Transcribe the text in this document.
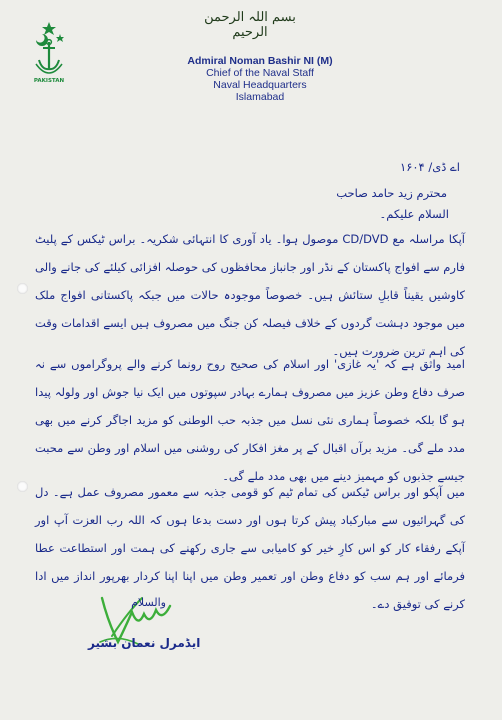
بسم اللہ الرحمن الرحیم
PAKISTAN
Admiral Noman Bashir NI (M)
Chief of the Naval Staff
Naval Headquarters
Islamabad
اے ڈی/ ۱۶۰۴
محترم زید حامد صاحب
السلام علیکم۔
آپکا مراسلہ مع CD/DVD موصول ہوا۔ یاد آوری کا انتہائی شکریہ۔ براس ٹیکس کے پلیٹ فارم سے افواج پاکستان کے نڈر اور جانباز محافظوں کی حوصلہ افزائی کیلئے کی جانے والی کاوشیں یقیناً قابلِ ستائش ہیں۔ خصوصاً موجودہ حالات میں جبکہ پاکستانی افواج ملک میں موجود دہشت گردوں کے خلاف فیصلہ کن جنگ میں مصروف ہیں ایسے اقدامات وقت کی اہم ترین ضرورت ہیں۔
امید واثق ہے کہ 'یہ غازی' اور اسلام کی صحیح روح رونما کرنے والے پروگراموں سے نہ صرف دفاع وطن عزیز میں مصروف ہمارے بہادر سپوتوں میں ایک نیا جوش اور ولولہ پیدا ہو گا بلکہ خصوصاً ہماری نئی نسل میں جذبہ حب الوطنی کو مزید اجاگر کرنے میں بھی مدد ملے گی۔ مزید برآں اقبال کے پر مغز افکار کی روشنی میں اسلام اور وطن سے محبت جیسے جذبوں کو مہمیز دینے میں بھی مدد ملے گی۔
میں آپکو اور براس ٹیکس کی تمام ٹیم کو قومی جذبہ سے معمور مصروف عمل ہے۔ دل کی گہرائیوں سے مبارکباد پیش کرتا ہوں اور دست بدعا ہوں کہ اللہ رب العزت آپ اور آپکے رفقاء کار کو اس کارِ خیر کو کامیابی سے جاری رکھنے کی ہمت اور استطاعت عطا فرمائے اور ہم سب کو دفاع وطن اور تعمیر وطن میں اپنا اپنا کردار بھرپور انداز میں ادا کرنے کی توفیق دے۔
والسلام
ایڈمرل نعمان بشیر
